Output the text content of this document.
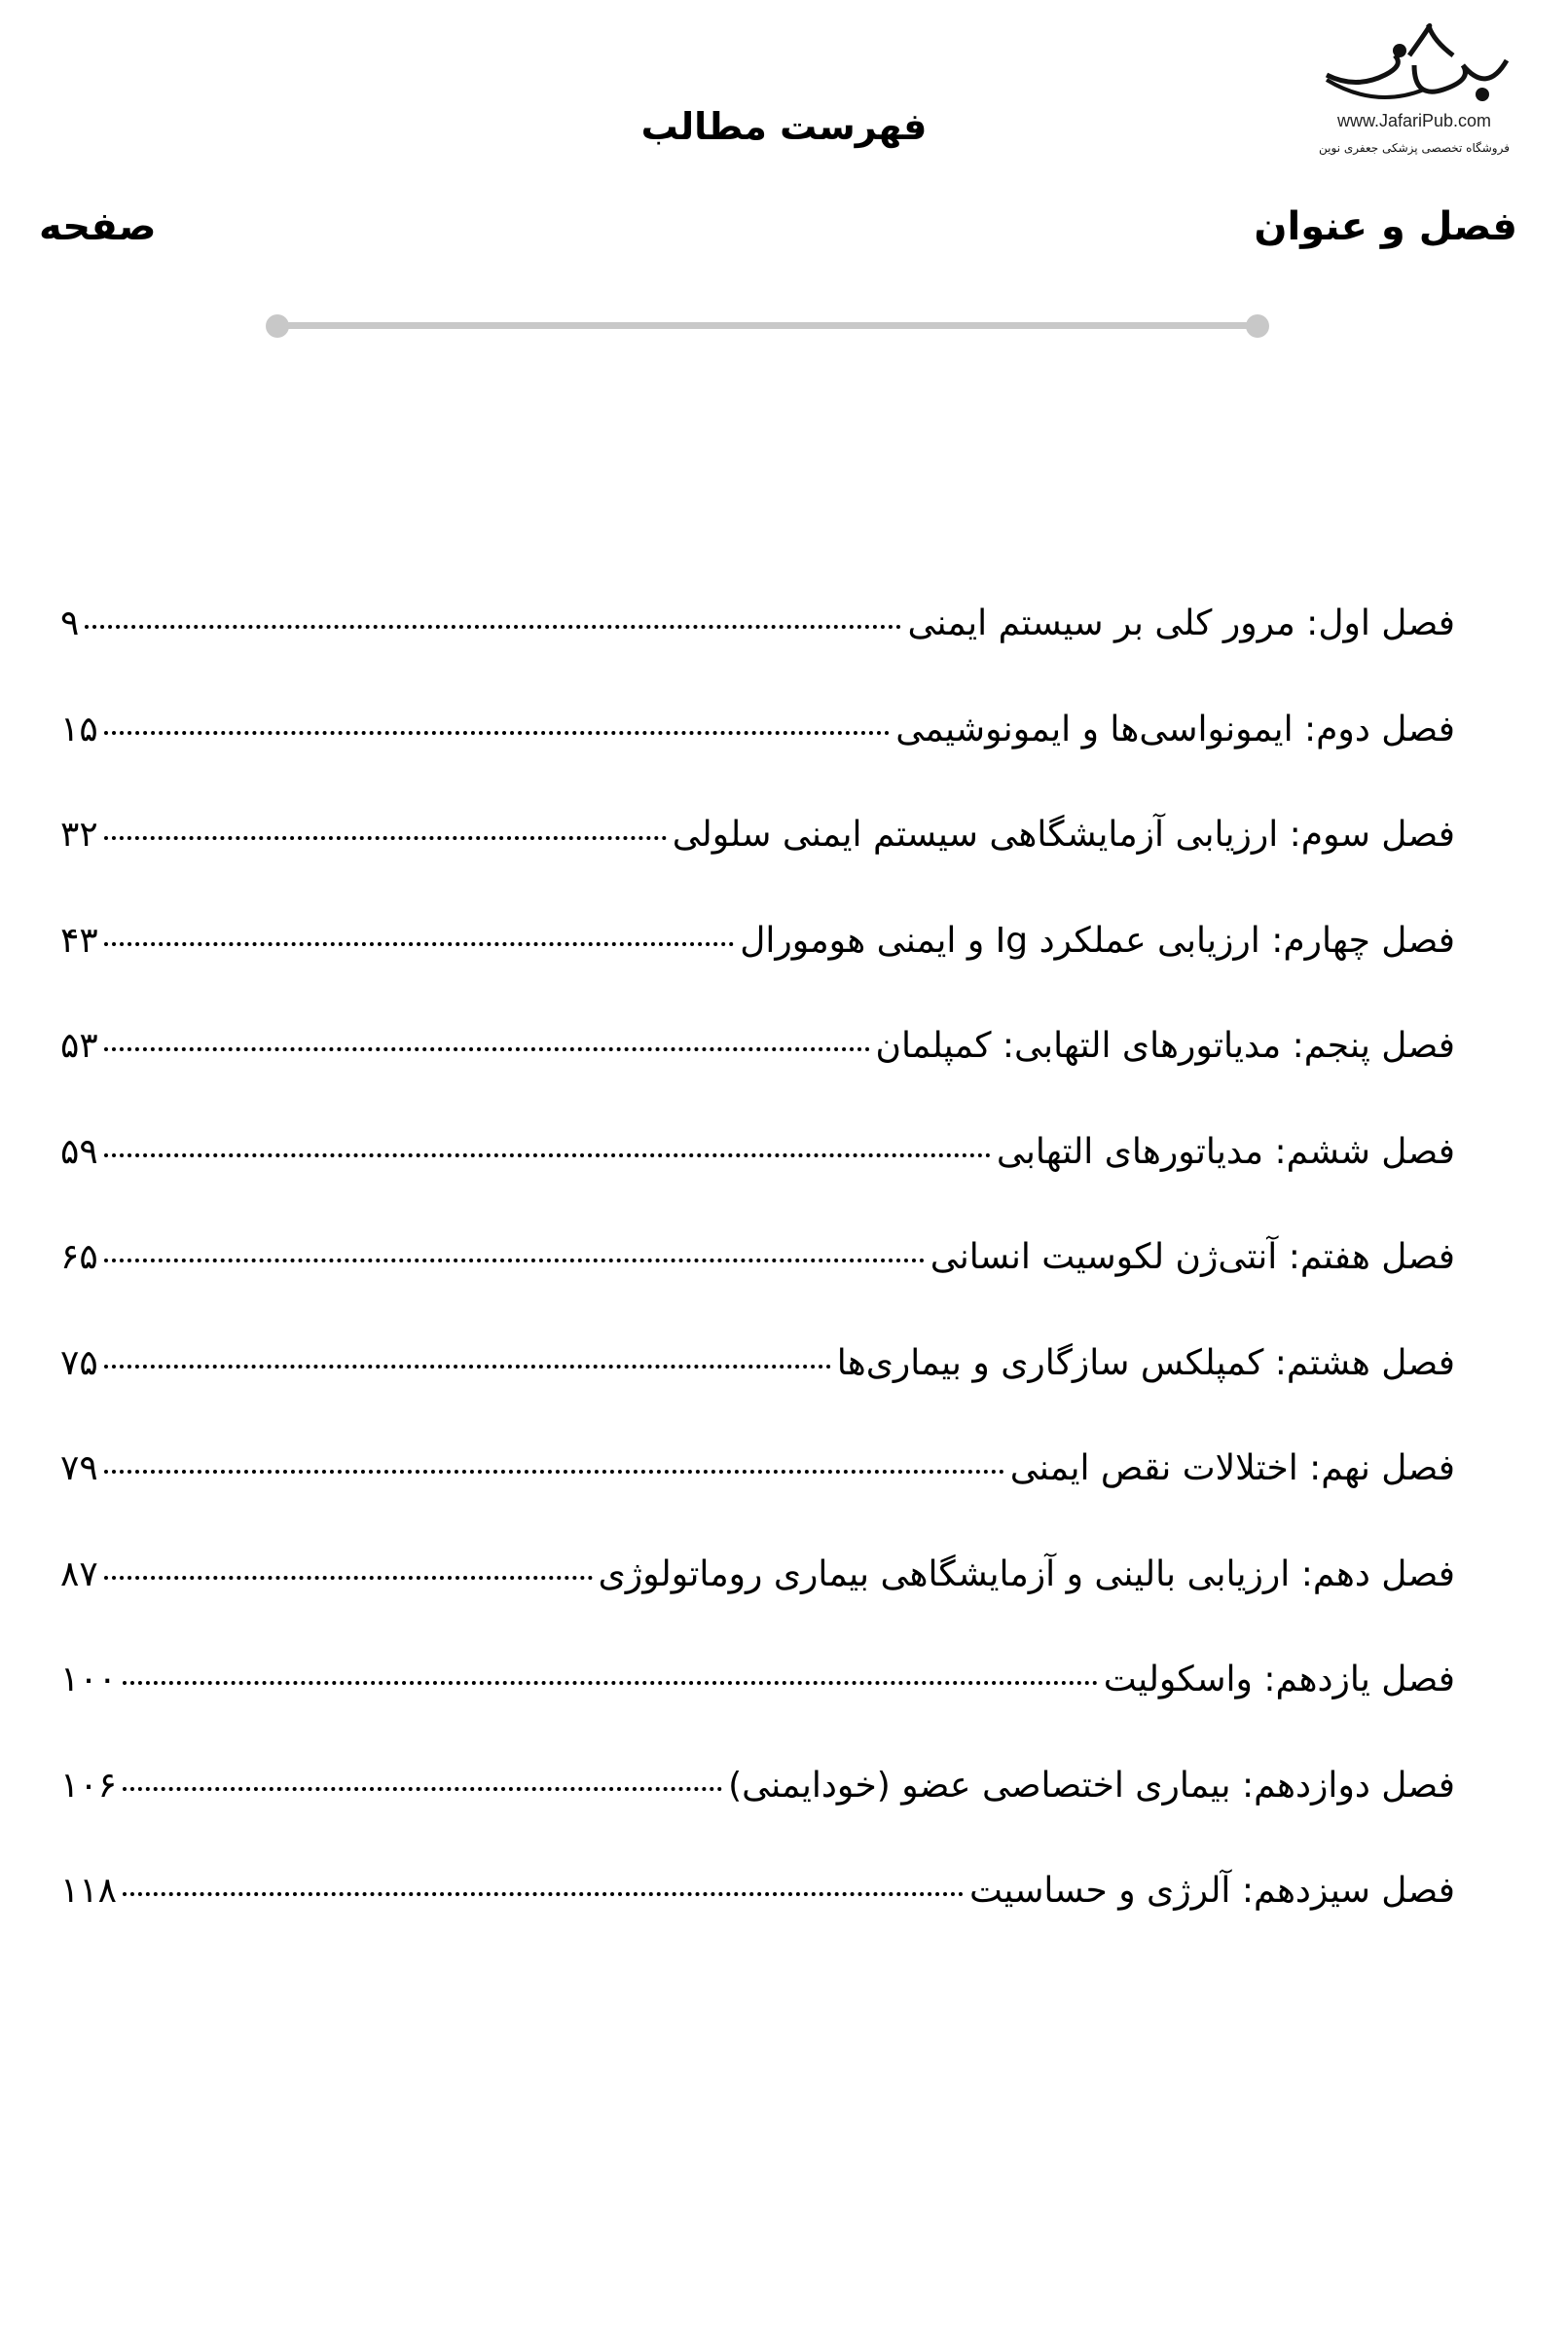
www.JafariPub.com
فروشگاه تخصصی پزشکی جعفری نوین
فهرست مطالب
فصل و عنوان
صفحه
فصل اول: مرور کلی بر سیستم ایمنی
۹
فصل دوم: ایمونواسی‌ها و ایمونوشیمی
۱۵
فصل سوم: ارزیابی آزمایشگاهی سیستم ایمنی سلولی
۳۲
فصل چهارم: ارزیابی عملکرد Ig و ایمنی هومورال
۴۳
فصل پنجم: مدیاتورهای التهابی: کمپلمان
۵۳
فصل ششم: مدیاتورهای التهابی
۵۹
فصل هفتم: آنتی‌ژن لکوسیت انسانی
۶۵
فصل هشتم: کمپلکس سازگاری و بیماری‌ها
۷۵
فصل نهم: اختلالات نقص ایمنی
۷۹
فصل دهم: ارزیابی بالینی و آزمایشگاهی بیماری روماتولوژی
۸۷
فصل یازدهم: واسکولیت
۱۰۰
فصل دوازدهم: بیماری اختصاصی عضو (خودایمنی)
۱۰۶
فصل سیزدهم: آلرژی و حساسیت
۱۱۸
